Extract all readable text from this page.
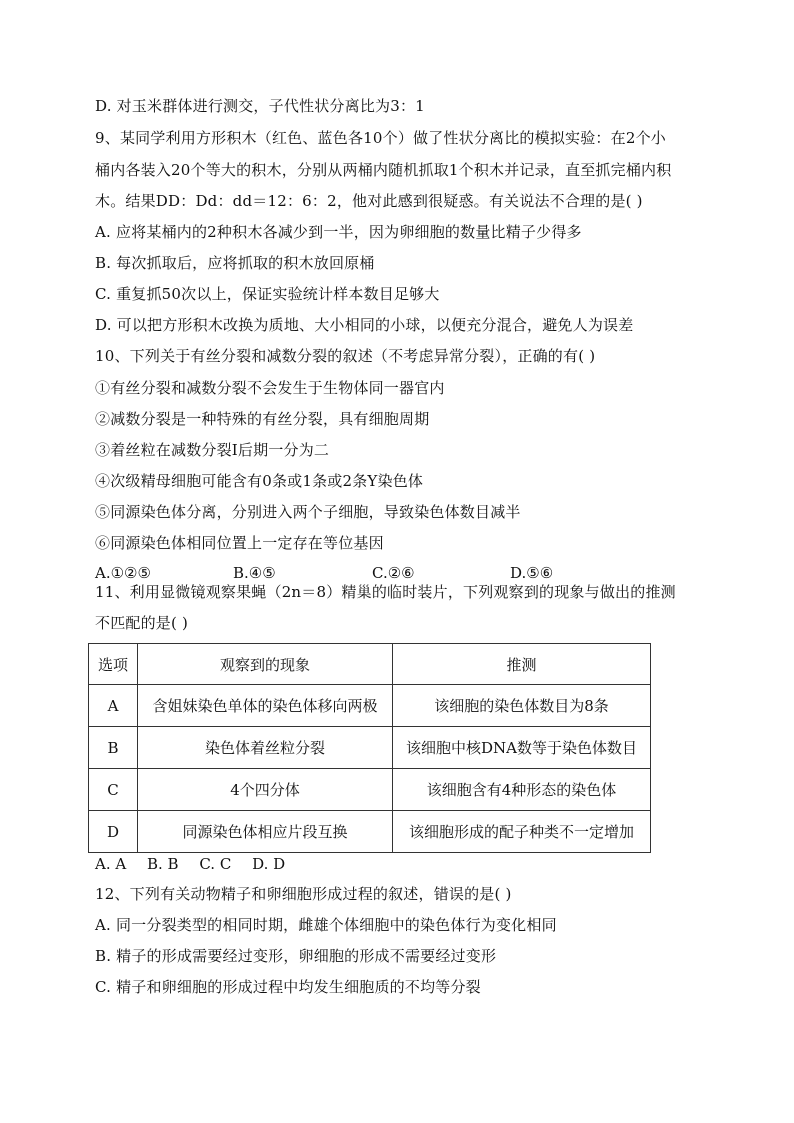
D. 对玉米群体进行测交，子代性状分离比为3：1
9、某同学利用方形积木（红色、蓝色各10个）做了性状分离比的模拟实验：在2个小
桶内各装入20个等大的积木，分别从两桶内随机抓取1个积木并记录，直至抓完桶内积
木。结果DD：Dd：dd＝12：6：2，他对此感到很疑惑。有关说法不合理的是( )
A. 应将某桶内的2种积木各减少到一半，因为卵细胞的数量比精子少得多
B. 每次抓取后，应将抓取的积木放回原桶
C. 重复抓50次以上，保证实验统计样本数目足够大
D. 可以把方形积木改换为质地、大小相同的小球，以便充分混合，避免人为误差
10、下列关于有丝分裂和减数分裂的叙述（不考虑异常分裂），正确的有( )
①有丝分裂和减数分裂不会发生于生物体同一器官内
②减数分裂是一种特殊的有丝分裂，具有细胞周期
③着丝粒在减数分裂Ⅰ后期一分为二
④次级精母细胞可能含有0条或1条或2条Y染色体
⑤同源染色体分离，分别进入两个子细胞，导致染色体数目减半
⑥同源染色体相同位置上一定存在等位基因
A.①②⑤	B.④⑤	C.②⑥	D.⑤⑥
11、利用显微镜观察果蝇（2n＝8）精巢的临时装片，下列观察到的现象与做出的推测
不匹配的是( )
选项	观察到的现象	推测
A	含姐妹染色单体的染色体移向两极	该细胞的染色体数目为8条
B	染色体着丝粒分裂	该细胞中核DNA数等于染色体数目
C	4个四分体	该细胞含有4种形态的染色体
D	同源染色体相应片段互换	该细胞形成的配子种类不一定增加
A. A B. B C. C D. D
12、下列有关动物精子和卵细胞形成过程的叙述，错误的是( )
A. 同一分裂类型的相同时期，雌雄个体细胞中的染色体行为变化相同
B. 精子的形成需要经过变形，卵细胞的形成不需要经过变形
C. 精子和卵细胞的形成过程中均发生细胞质的不均等分裂
